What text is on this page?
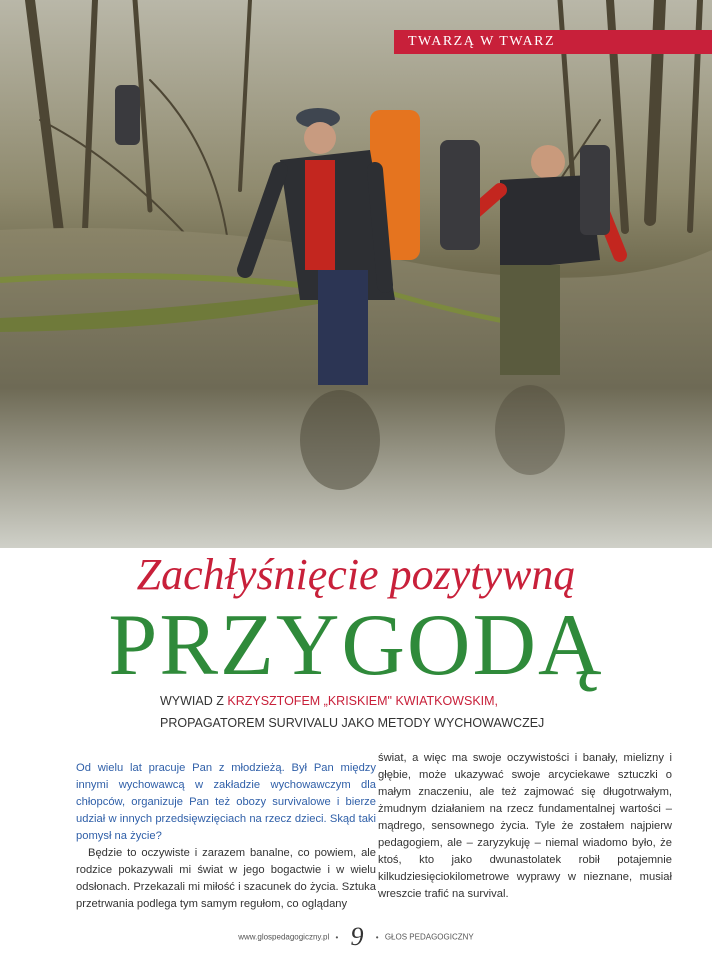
TWARZĄ W TWARZ
Zachłyśnięcie pozytywną
PRZYGODĄ
WYWIAD Z KRZYSZTOFEM „KRISKIEM" KWIATKOWSKIM,
PROPAGATOREM SURVIVALU JAKO METODY WYCHOWAWCZEJ

Od wielu lat pracuje Pan z młodzieżą. Był Pan między innymi wychowawcą w zakładzie wychowawczym dla chłopców, organizuje Pan też obozy survivalowe i bierze udział w innych przedsięwzięciach na rzecz dzieci. Skąd taki pomysł na życie?

Będzie to oczywiste i zarazem banalne, co powiem, ale rodzice pokazywali mi świat w jego bogactwie i w wielu odsłonach. Przekazali mi miłość i szacunek do życia. Sztuka przetrwania podlega tym samym regułom, co oglądany

świat, a więc ma swoje oczywistości i banały, mielizny i głębie, może ukazywać swoje arcyciekawe sztuczki o małym znaczeniu, ale też zajmować się długotrwałym, żmudnym działaniem na rzecz fundamentalnej wartości – mądrego, sensownego życia. Tyle że zostałem najpierw pedagogiem, ale – zaryzykuję – niemal wiadomo było, że ktoś, kto jako dwunastolatek robił potajemnie kilkudziesięciokilometrowe wyprawy w nieznane, musiał wreszcie trafić na survival.

www.glospedagogiczny.pl • 9 • GŁOS PEDAGOGICZNY
